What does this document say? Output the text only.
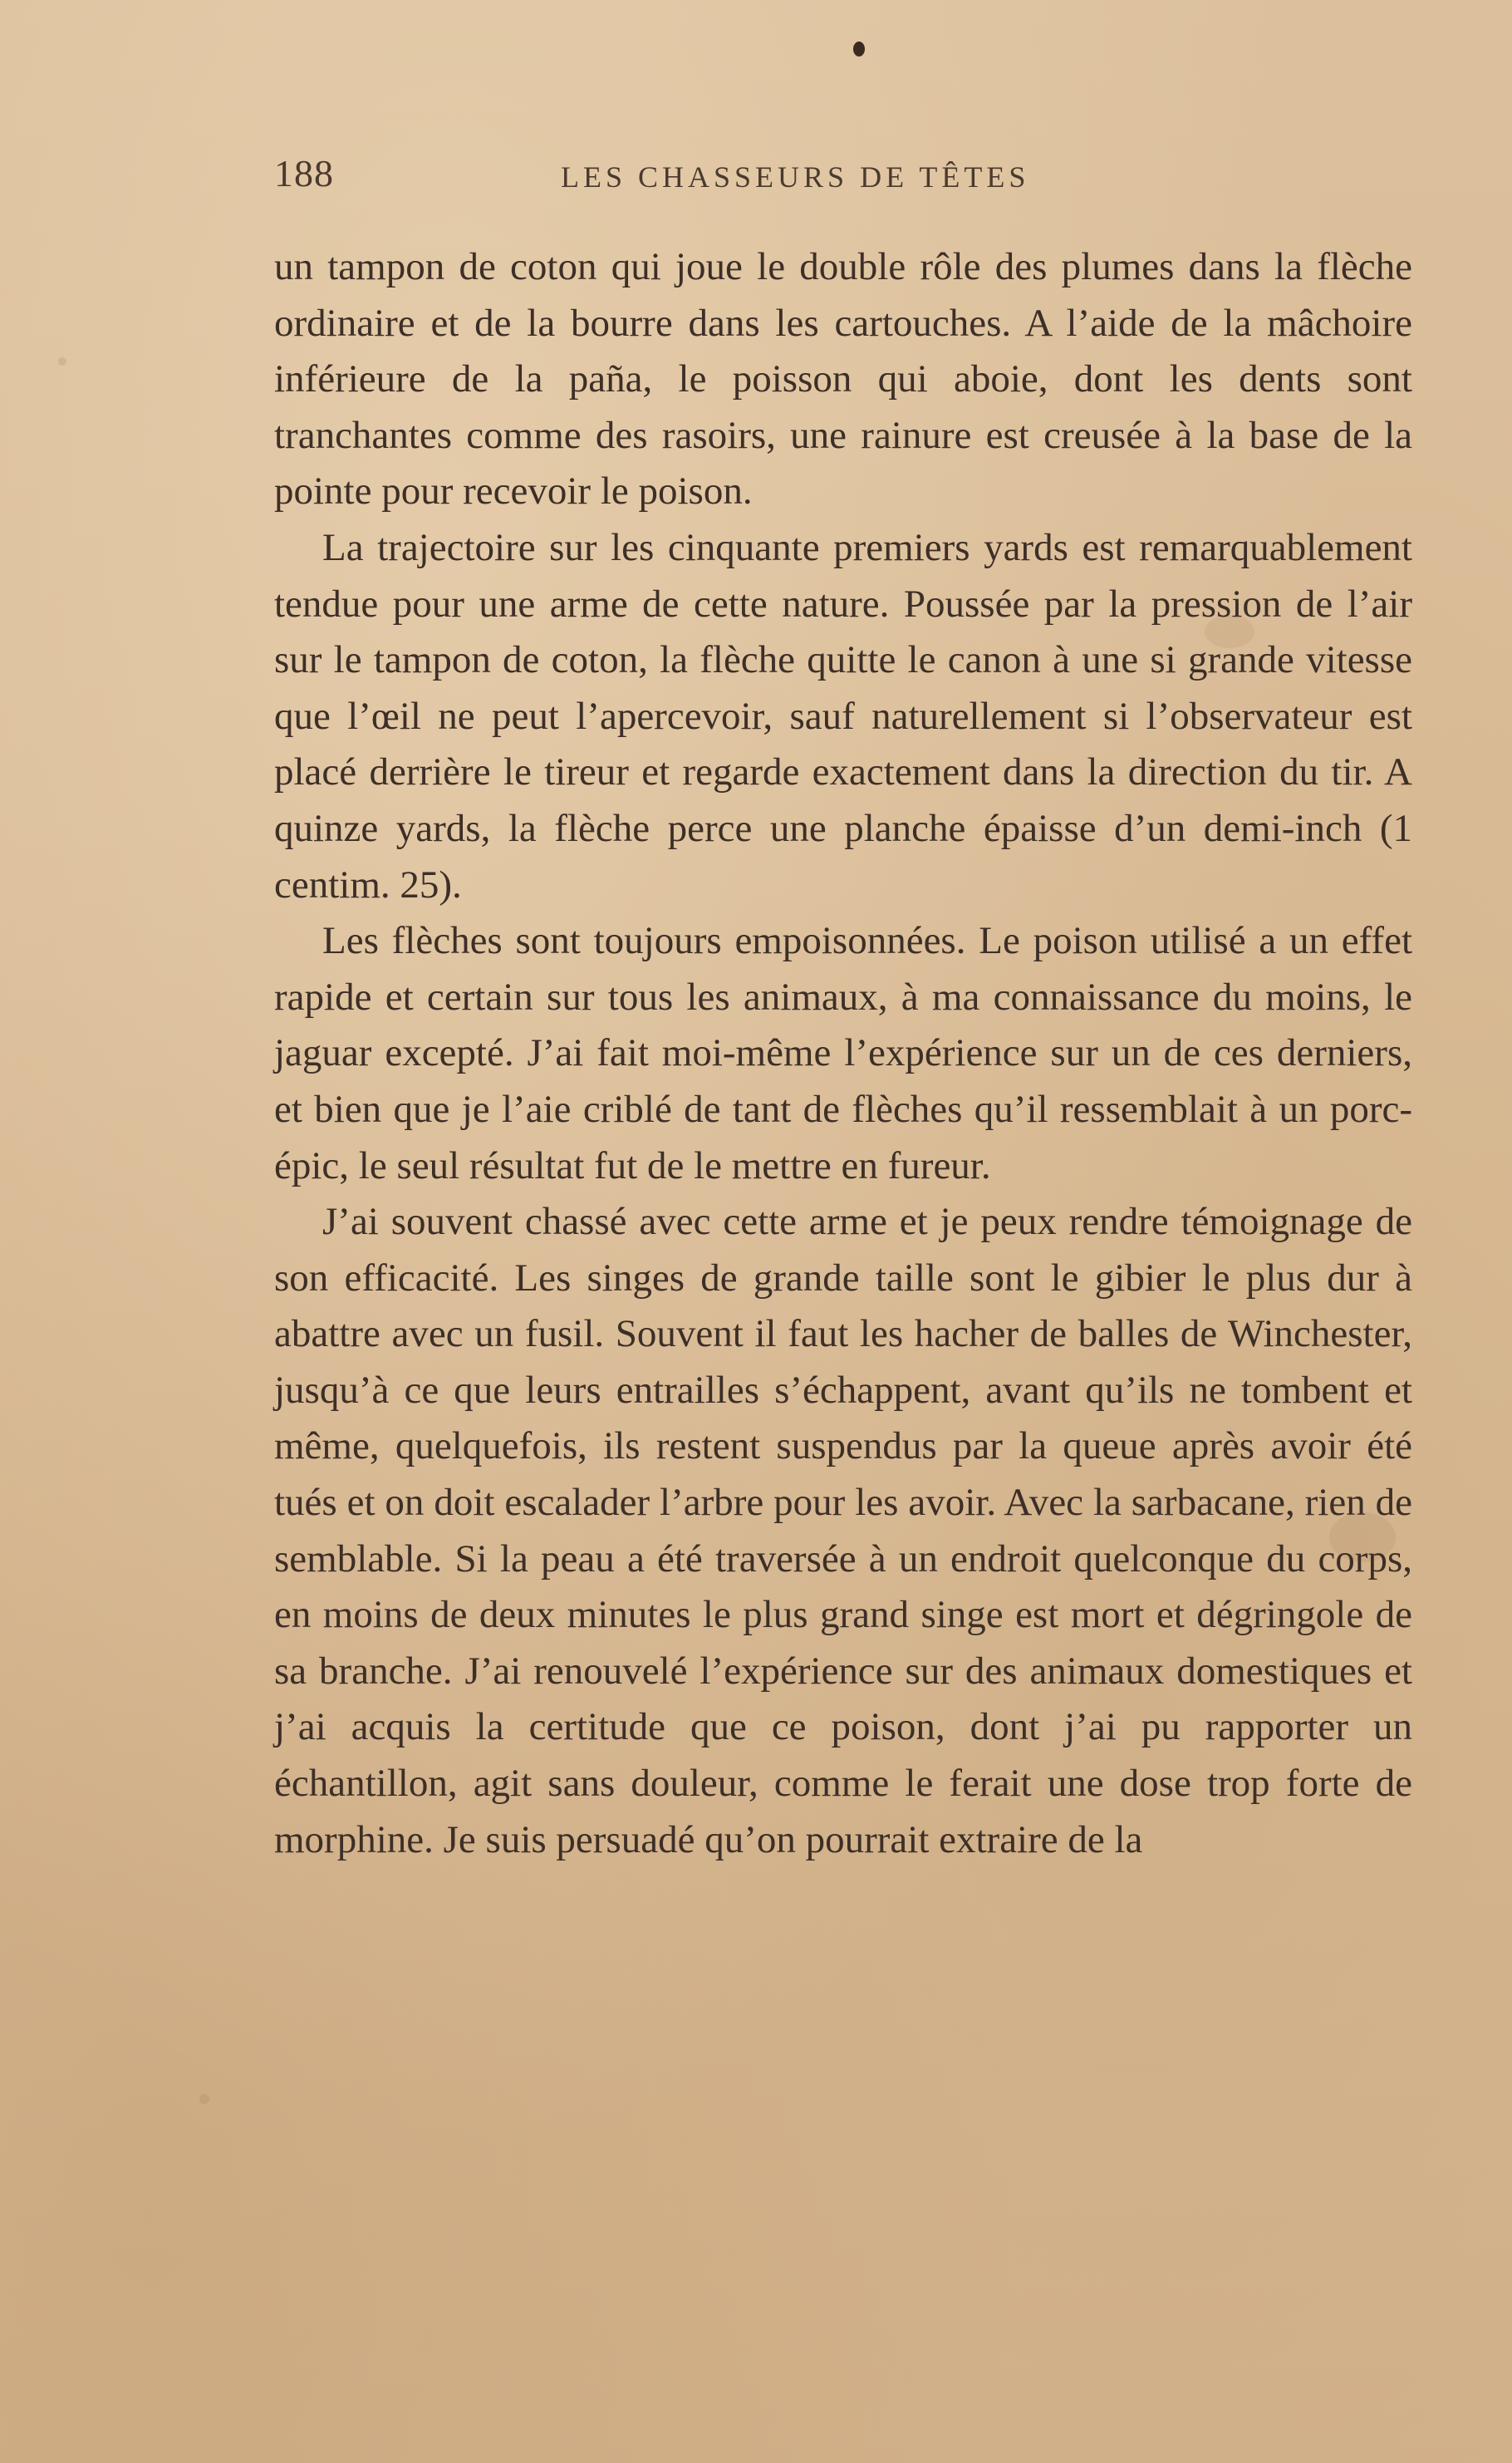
188	LES CHASSEURS DE TÊTES

un tampon de coton qui joue le double rôle des plumes dans la flèche ordinaire et de la bourre dans les cartouches. A l’aide de la mâchoire inférieure de la paña, le poisson qui aboie, dont les dents sont tranchantes comme des rasoirs, une rainure est creusée à la base de la pointe pour recevoir le poison.

La trajectoire sur les cinquante premiers yards est remarquablement tendue pour une arme de cette nature. Poussée par la pression de l’air sur le tampon de coton, la flèche quitte le canon à une si grande vitesse que l’œil ne peut l’apercevoir, sauf naturellement si l’observateur est placé derrière le tireur et regarde exactement dans la direction du tir. A quinze yards, la flèche perce une planche épaisse d’un demi-inch (1 centim. 25).

Les flèches sont toujours empoisonnées. Le poison utilisé a un effet rapide et certain sur tous les animaux, à ma connaissance du moins, le jaguar excepté. J’ai fait moi-même l’expérience sur un de ces derniers, et bien que je l’aie criblé de tant de flèches qu’il ressemblait à un porc-épic, le seul résultat fut de le mettre en fureur.

J’ai souvent chassé avec cette arme et je peux rendre témoignage de son efficacité. Les singes de grande taille sont le gibier le plus dur à abattre avec un fusil. Souvent il faut les hacher de balles de Winchester, jusqu’à ce que leurs entrailles s’échappent, avant qu’ils ne tombent et même, quelquefois, ils restent suspendus par la queue après avoir été tués et on doit escalader l’arbre pour les avoir. Avec la sarbacane, rien de semblable. Si la peau a été traversée à un endroit quelconque du corps, en moins de deux minutes le plus grand singe est mort et dégringole de sa branche. J’ai renouvelé l’expérience sur des animaux domestiques et j’ai acquis la certitude que ce poison, dont j’ai pu rapporter un échantillon, agit sans douleur, comme le ferait une dose trop forte de morphine. Je suis persuadé qu’on pourrait extraire de la
